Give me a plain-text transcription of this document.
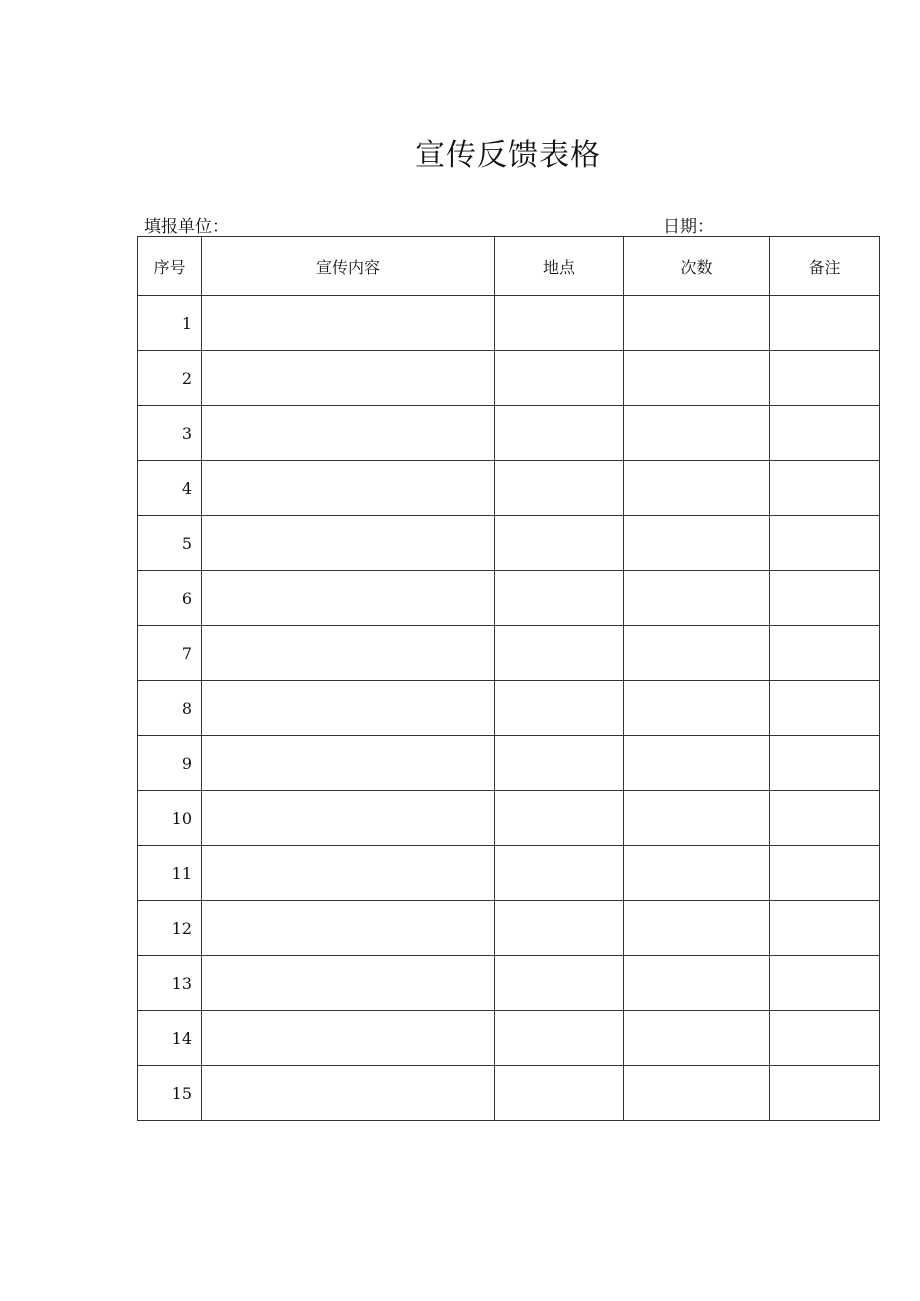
宣传反馈表格
填报单位：	日期：
序号	宣传内容	地点	次数	备注
1				
2				
3				
4				
5				
6				
7				
8				
9				
10				
11				
12				
13				
14				
15				
